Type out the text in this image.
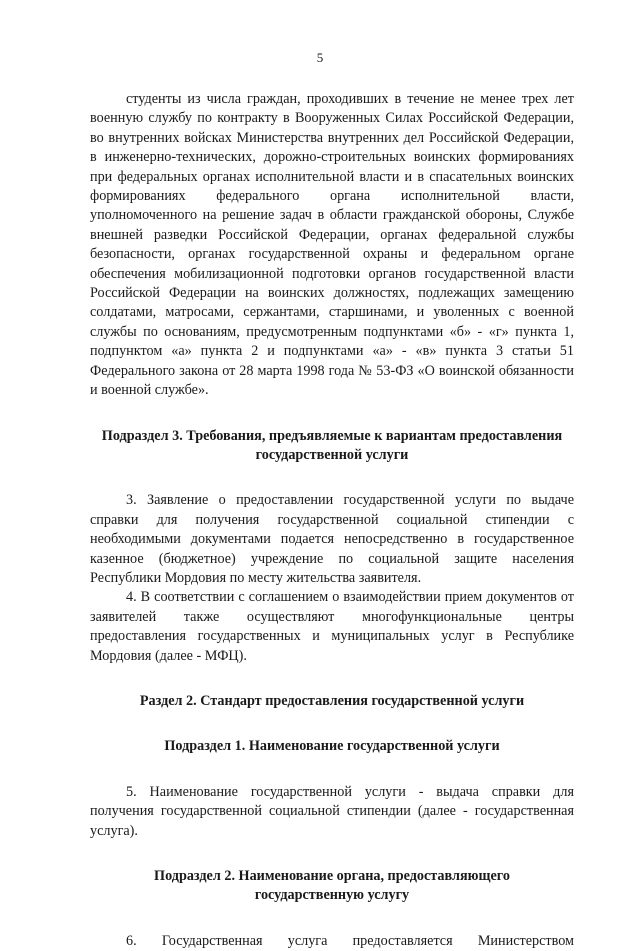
5

студенты из числа граждан, проходивших в течение не менее трех лет военную службу по контракту в Вооруженных Силах Российской Федерации, во внутренних войсках Министерства внутренних дел Российской Федерации, в инженерно-технических, дорожно-строительных воинских формированиях при федеральных органах исполнительной власти и в спасательных воинских формированиях федерального органа исполнительной власти, уполномоченного на решение задач в области гражданской обороны, Службе внешней разведки Российской Федерации, органах федеральной службы безопасности, органах государственной охраны и федеральном органе обеспечения мобилизационной подготовки органов государственной власти Российской Федерации на воинских должностях, подлежащих замещению солдатами, матросами, сержантами, старшинами, и уволенных с военной службы по основаниям, предусмотренным подпунктами «б» - «г» пункта 1, подпунктом «а» пункта 2 и подпунктами «а» - «в» пункта 3 статьи 51 Федерального закона от 28 марта 1998 года № 53-ФЗ «О воинской обязанности и военной службе».

Подраздел 3. Требования, предъявляемые к вариантам предоставления

государственной услуги

3. Заявление о предоставлении государственной услуги по выдаче справки для получения государственной социальной стипендии с необходимыми документами подается непосредственно в государственное казенное (бюджетное) учреждение по социальной защите населения Республики Мордовия по месту жительства заявителя.

4. В соответствии с соглашением о взаимодействии прием документов от заявителей также осуществляют многофункциональные центры предоставления государственных и муниципальных услуг в Республике Мордовия (далее - МФЦ).

Раздел 2. Стандарт предоставления государственной услуги

Подраздел 1. Наименование государственной услуги

5. Наименование государственной услуги - выдача справки для получения государственной социальной стипендии (далее - государственная услуга).

Подраздел 2. Наименование органа, предоставляющего

государственную услугу

6. Государственная услуга предоставляется Министерством
